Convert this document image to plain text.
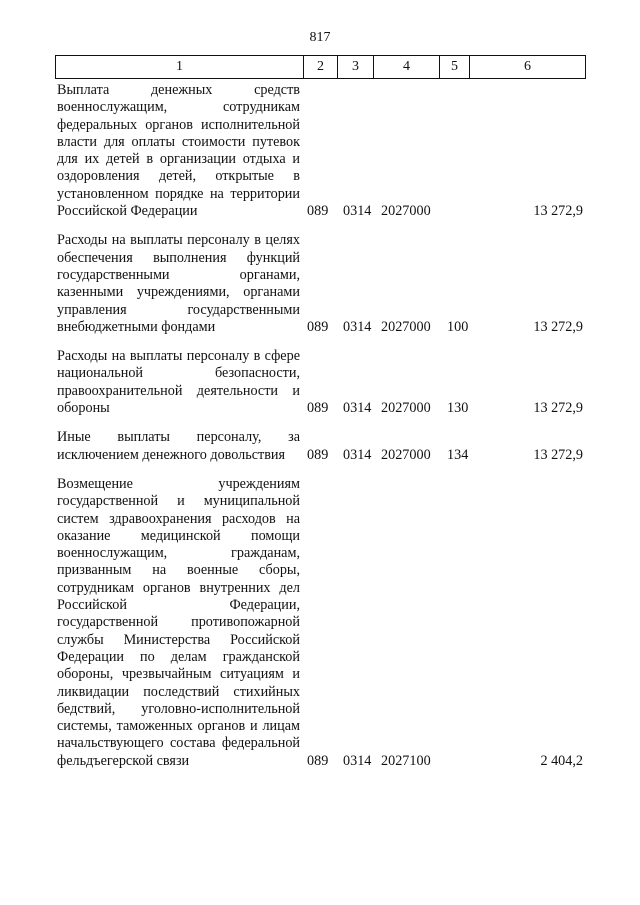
817
1	2	3	4	5	6
Выплата денежных средств военнослужащим, сотрудникам федеральных органов исполнительной власти для оплаты стоимости путевок для их детей в организации отдыха и оздоровления детей, открытые в установленном порядке на территории Российской Федерации	089 0314 2027000	13 272,9
Расходы на выплаты персоналу в целях обеспечения выполнения функций государственными органами, казенными учреждениями, органами управления государственными внебюджетными фондами	089 0314 2027000 100	13 272,9
Расходы на выплаты персоналу в сфере национальной безопасности, правоохранительной деятельности и обороны	089 0314 2027000 130	13 272,9
Иные выплаты персоналу, за исключением денежного довольствия	089 0314 2027000 134	13 272,9
Возмещение учреждениям государственной и муниципальной систем здравоохранения расходов на оказание медицинской помощи военнослужащим, гражданам, призванным на военные сборы, сотрудникам органов внутренних дел Российской Федерации, государственной противопожарной службы Министерства Российской Федерации по делам гражданской обороны, чрезвычайным ситуациям и ликвидации последствий стихийных бедствий, уголовно-исполнительной системы, таможенных органов и лицам начальствующего состава федеральной фельдъегерской связи	089 0314 2027100	2 404,2
